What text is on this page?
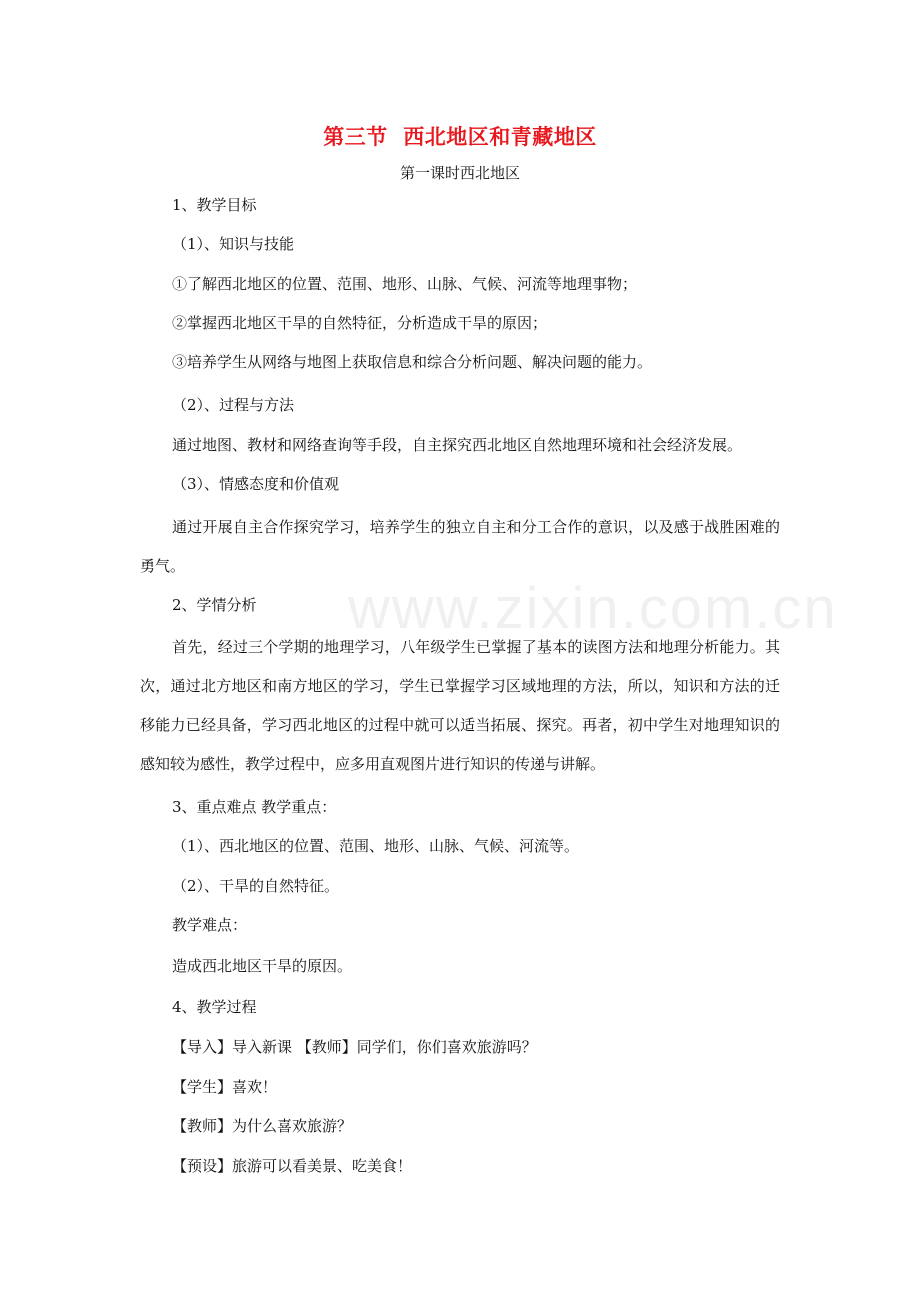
第三节  西北地区和青藏地区
第一课时西北地区
1、教学目标
（1）、知识与技能
①了解西北地区的位置、范围、地形、山脉、气候、河流等地理事物；
②掌握西北地区干旱的自然特征，分析造成干旱的原因；
③培养学生从网络与地图上获取信息和综合分析问题、解决问题的能力。
（2）、过程与方法
通过地图、教材和网络查询等手段，自主探究西北地区自然地理环境和社会经济发展。
（3）、情感态度和价值观
通过开展自主合作探究学习，培养学生的独立自主和分工合作的意识，以及感于战胜困难的勇气。
2、学情分析
首先，经过三个学期的地理学习，八年级学生已掌握了基本的读图方法和地理分析能力。其次，通过北方地区和南方地区的学习，学生已掌握学习区域地理的方法，所以，知识和方法的迁移能力已经具备，学习西北地区的过程中就可以适当拓展、探究。再者，初中学生对地理知识的感知较为感性，教学过程中，应多用直观图片进行知识的传递与讲解。
3、重点难点 教学重点：
（1）、西北地区的位置、范围、地形、山脉、气候、河流等。
（2）、干旱的自然特征。
教学难点：
造成西北地区干旱的原因。
4、教学过程
【导入】导入新课 【教师】同学们，你们喜欢旅游吗？
【学生】喜欢！
【教师】为什么喜欢旅游？
【预设】旅游可以看美景、吃美食！
www.zixin.com.cn
